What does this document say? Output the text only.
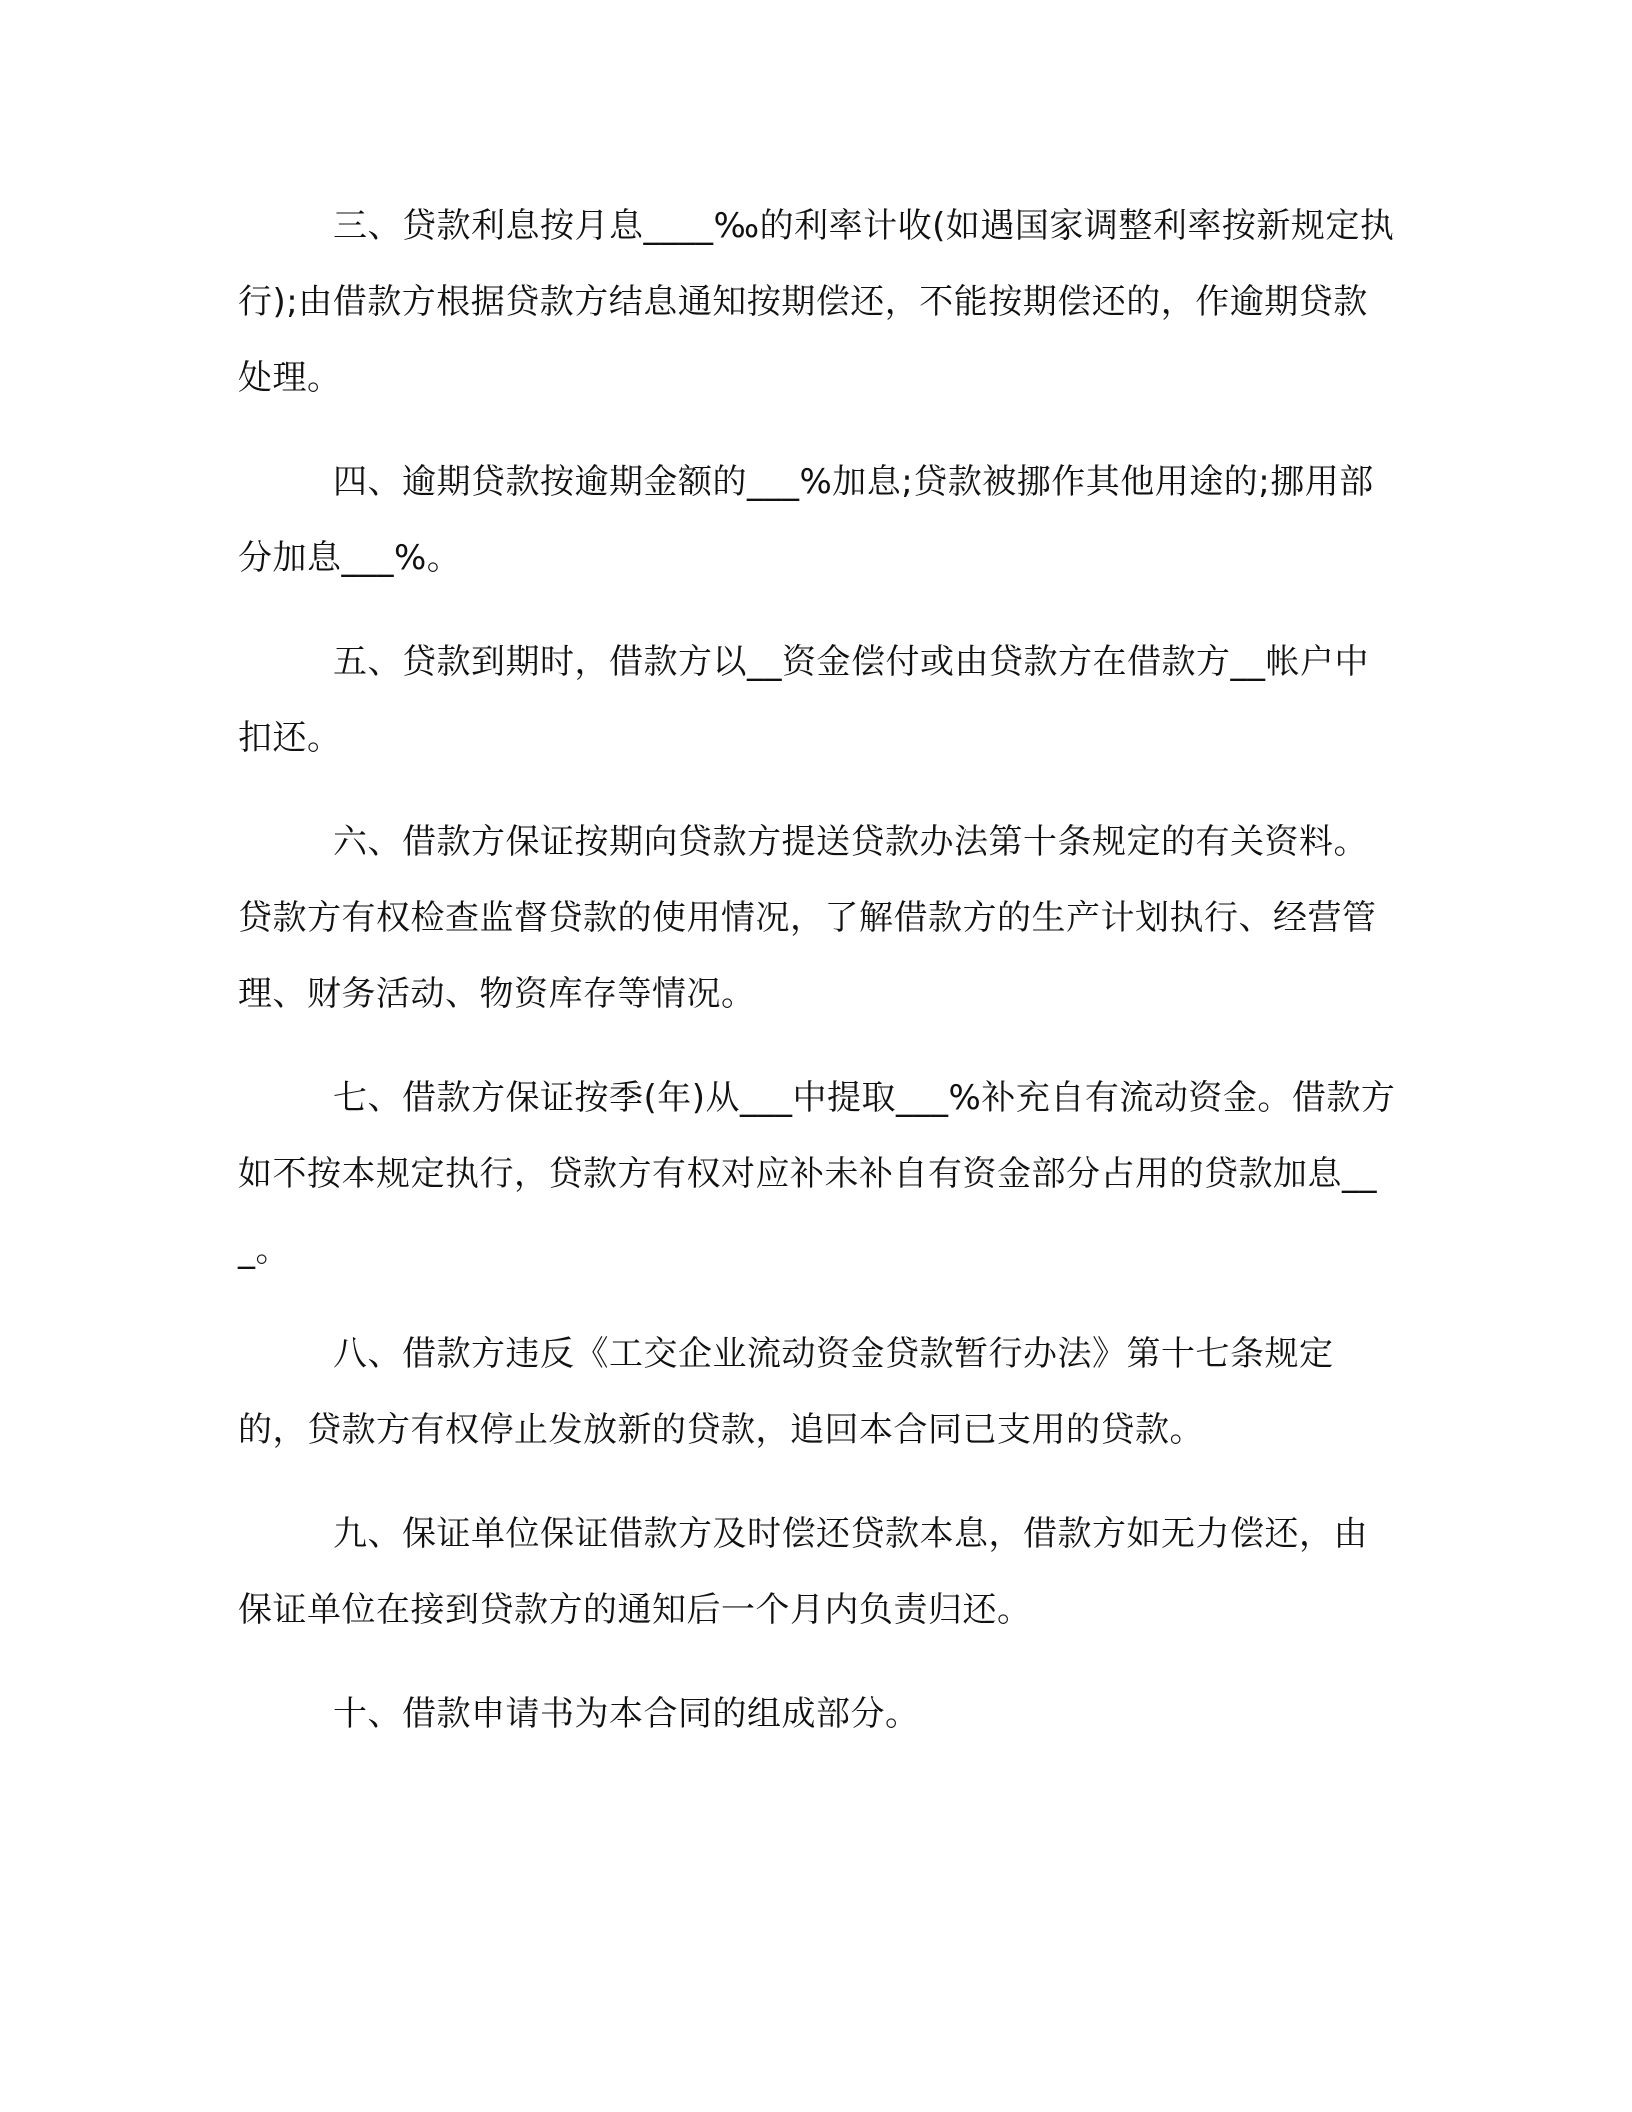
三、贷款利息按月息____‰的利率计收(如遇国家调整利率按新规定执行);由借款方根据贷款方结息通知按期偿还，不能按期偿还的，作逾期贷款处理。

四、逾期贷款按逾期金额的___%加息;贷款被挪作其他用途的;挪用部分加息___%。

五、贷款到期时，借款方以__资金偿付或由贷款方在借款方__帐户中扣还。

六、借款方保证按期向贷款方提送贷款办法第十条规定的有关资料。贷款方有权检查监督贷款的使用情况，了解借款方的生产计划执行、经营管理、财务活动、物资库存等情况。

七、借款方保证按季(年)从___中提取___%补充自有流动资金。借款方如不按本规定执行，贷款方有权对应补未补自有资金部分占用的贷款加息___。

八、借款方违反《工交企业流动资金贷款暂行办法》第十七条规定的，贷款方有权停止发放新的贷款，追回本合同已支用的贷款。

九、保证单位保证借款方及时偿还贷款本息，借款方如无力偿还，由保证单位在接到贷款方的通知后一个月内负责归还。

十、借款申请书为本合同的组成部分。
